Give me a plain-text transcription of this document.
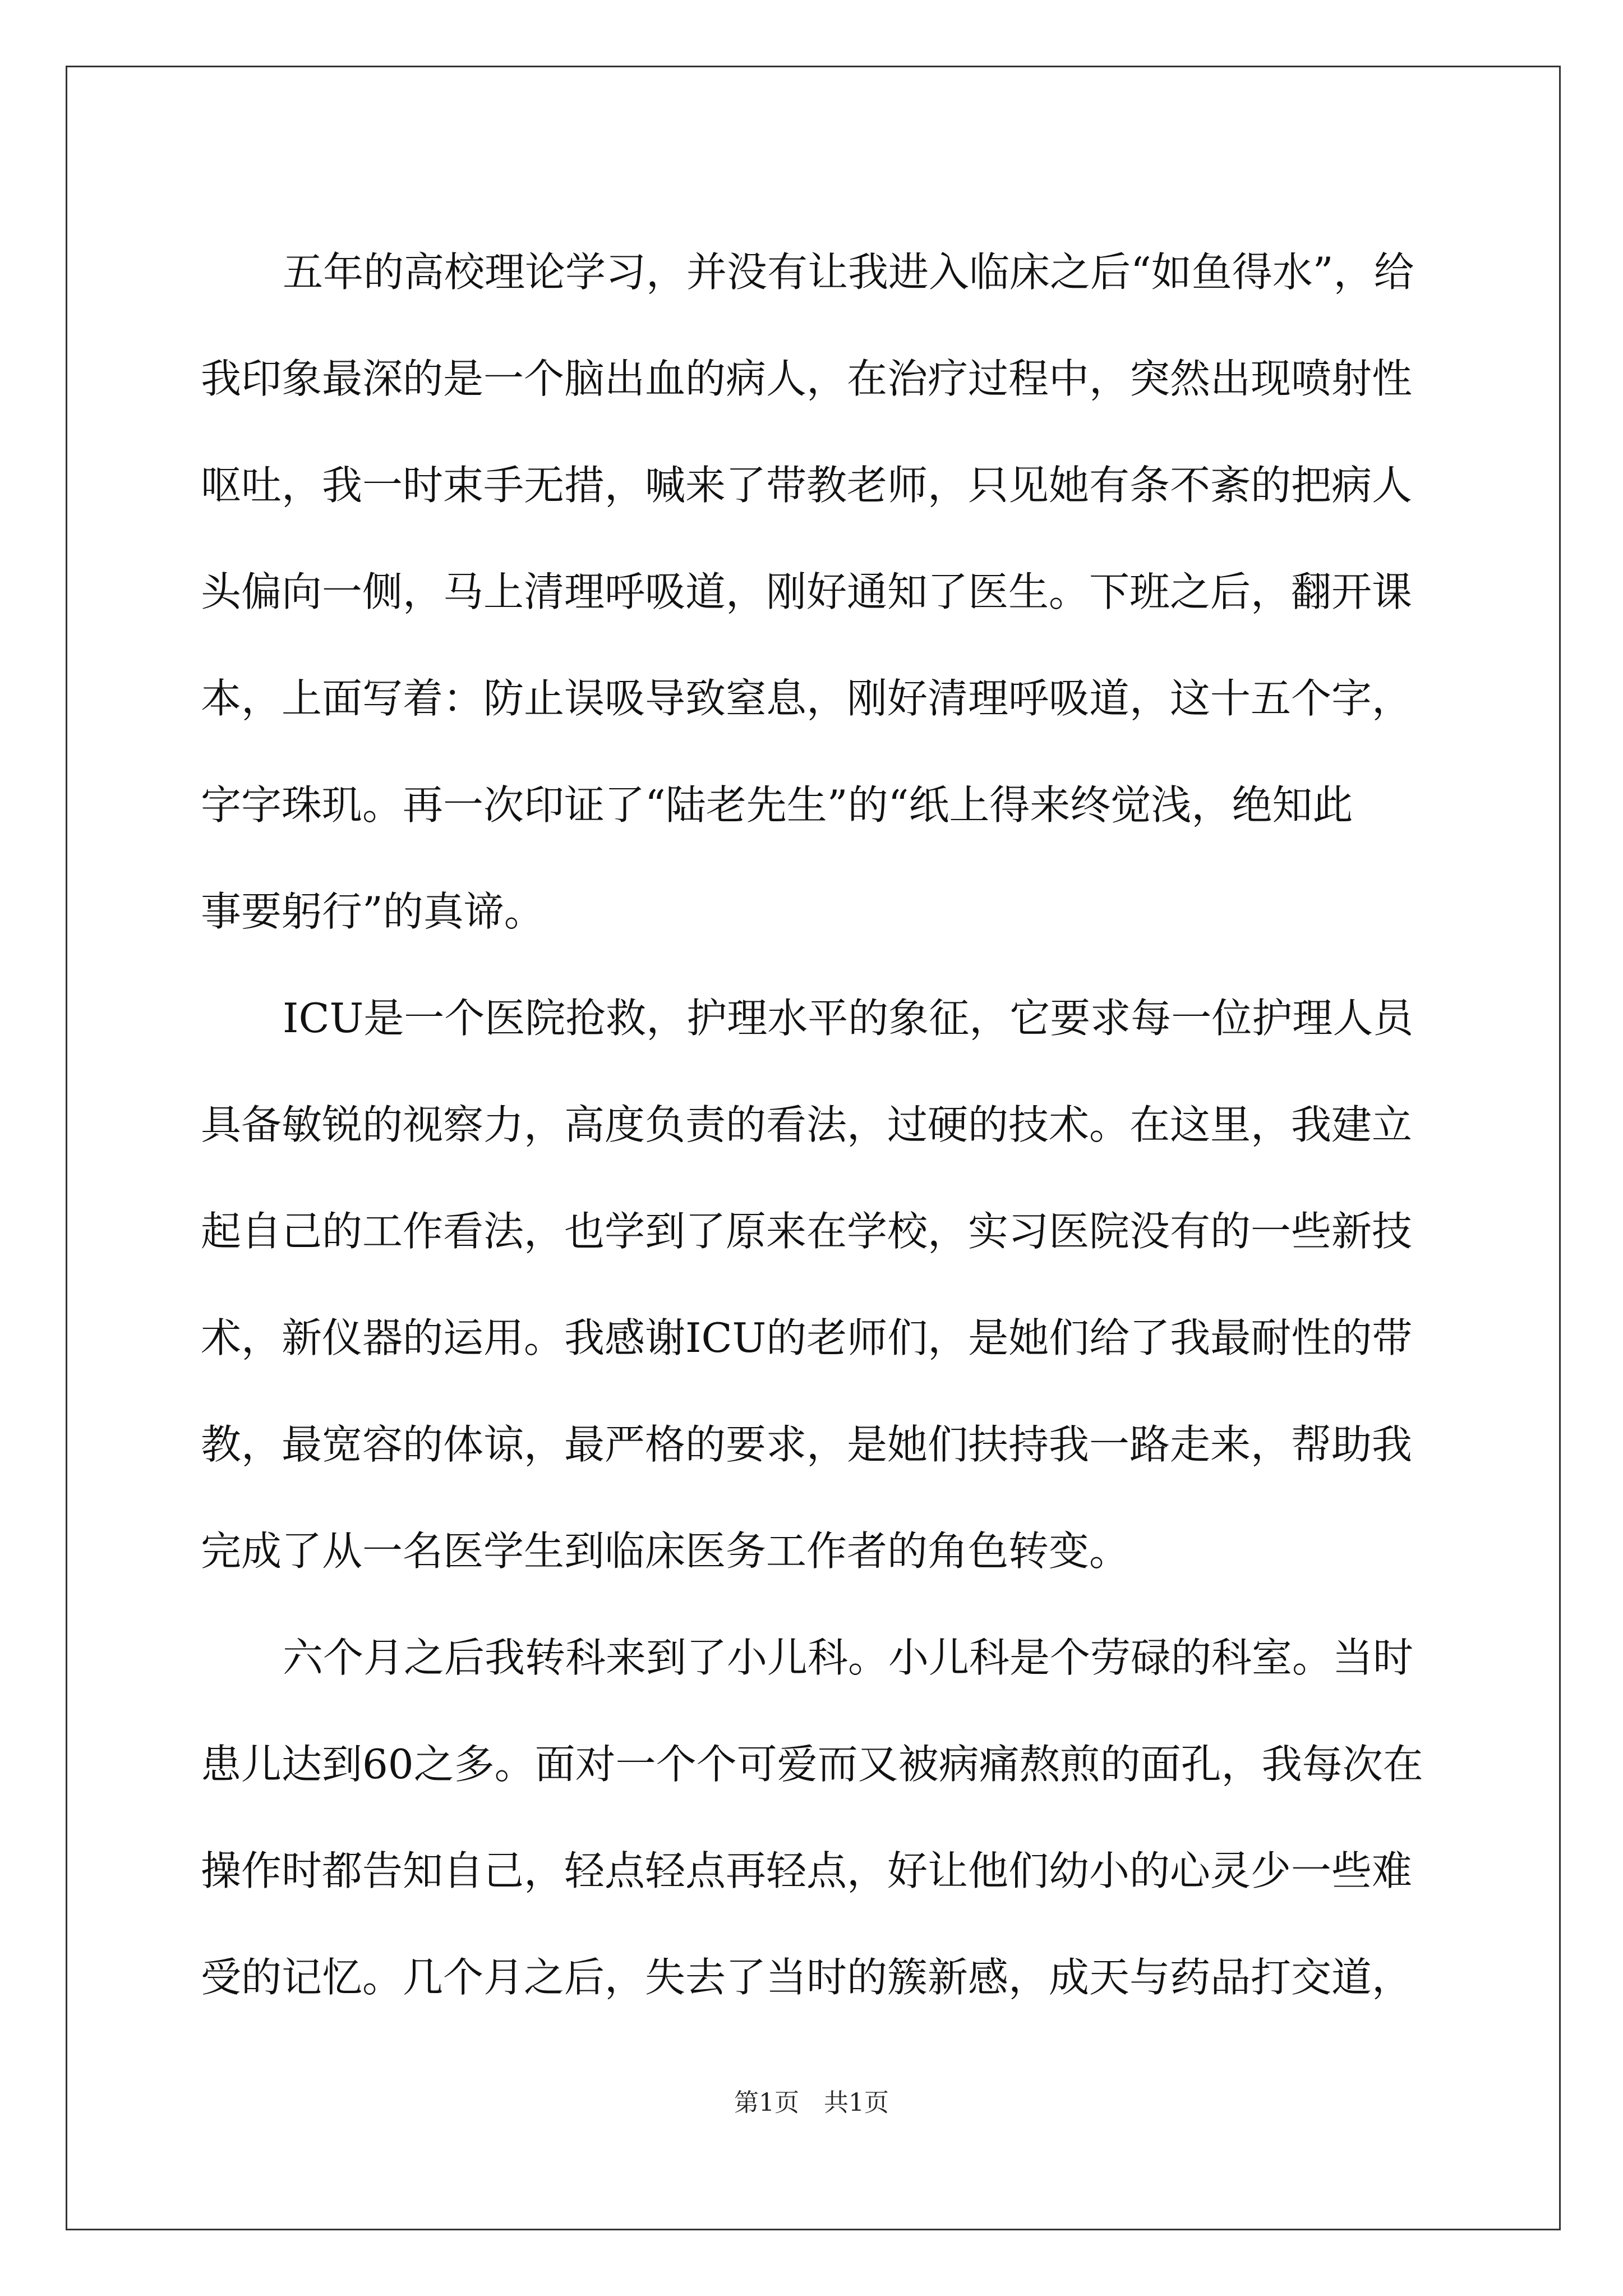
五年的高校理论学习，并没有让我进入临床之后“如鱼得水”，给
我印象最深的是一个脑出血的病人，在治疗过程中，突然出现喷射性
呕吐，我一时束手无措，喊来了带教老师，只见她有条不紊的把病人
头偏向一侧，马上清理呼吸道，刚好通知了医生。下班之后，翻开课
本，上面写着：防止误吸导致窒息，刚好清理呼吸道，这十五个字，
字字珠玑。再一次印证了“陆老先生”的“纸上得来终觉浅，绝知此
事要躬行”的真谛。
ICU是一个医院抢救，护理水平的象征，它要求每一位护理人员
具备敏锐的视察力，高度负责的看法，过硬的技术。在这里，我建立
起自己的工作看法，也学到了原来在学校，实习医院没有的一些新技
术，新仪器的运用。我感谢ICU的老师们，是她们给了我最耐性的带
教，最宽容的体谅，最严格的要求，是她们扶持我一路走来，帮助我
完成了从一名医学生到临床医务工作者的角色转变。
六个月之后我转科来到了小儿科。小儿科是个劳碌的科室。当时
患儿达到60之多。面对一个个可爱而又被病痛熬煎的面孔，我每次在
操作时都告知自己，轻点轻点再轻点，好让他们幼小的心灵少一些难
受的记忆。几个月之后，失去了当时的簇新感，成天与药品打交道，
第1页　共1页
